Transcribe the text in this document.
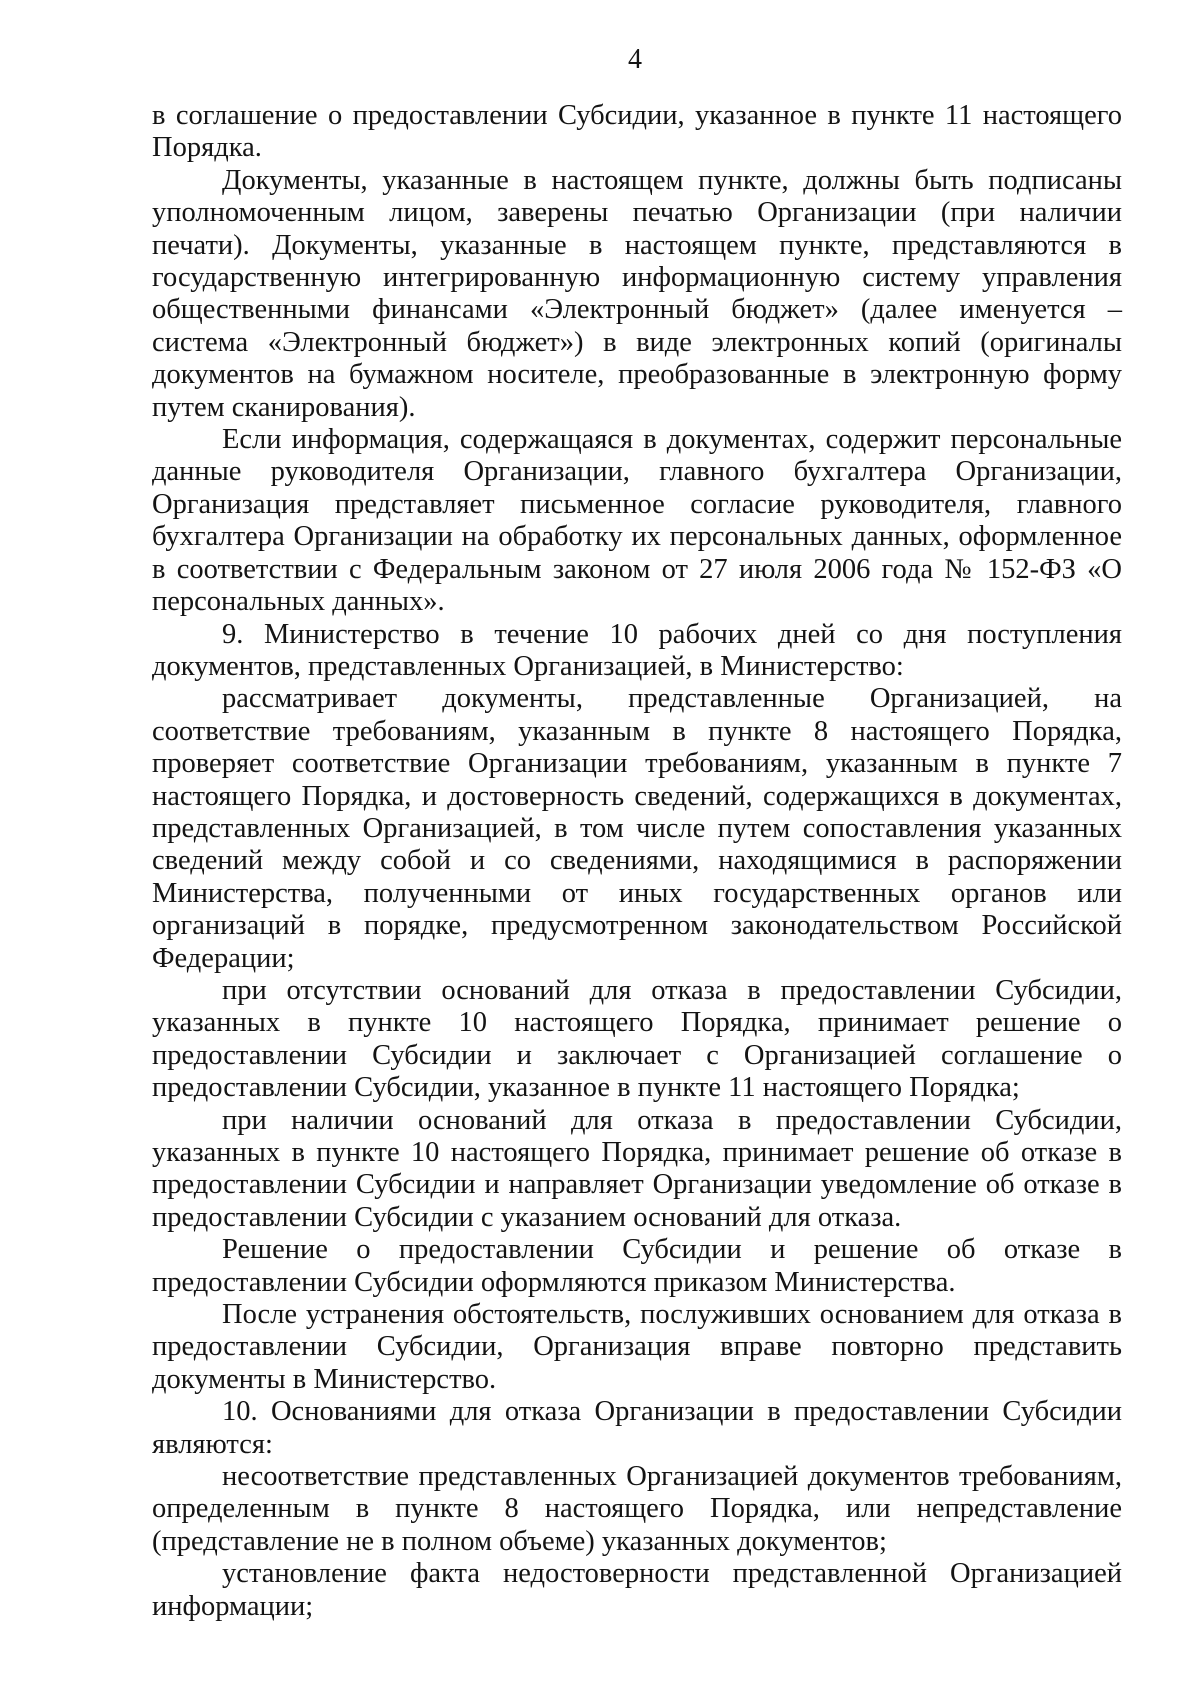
4

в соглашение о предоставлении Субсидии, указанное в пункте 11 настоящего Порядка.

Документы, указанные в настоящем пункте, должны быть подписаны уполномоченным лицом, заверены печатью Организации (при наличии печати). Документы, указанные в настоящем пункте, представляются в государственную интегрированную информационную систему управления общественными финансами «Электронный бюджет» (далее именуется – система «Электронный бюджет») в виде электронных копий (оригиналы документов на бумажном носителе, преобразованные в электронную форму путем сканирования).

Если информация, содержащаяся в документах, содержит персональные данные руководителя Организации, главного бухгалтера Организации, Организация представляет письменное согласие руководителя, главного бухгалтера Организации на обработку их персональных данных, оформленное в соответствии с Федеральным законом от 27 июля 2006 года № 152-ФЗ «О персональных данных».

9. Министерство в течение 10 рабочих дней со дня поступления документов, представленных Организацией, в Министерство:

рассматривает документы, представленные Организацией, на соответствие требованиям, указанным в пункте 8 настоящего Порядка, проверяет соответствие Организации требованиям, указанным в пункте 7 настоящего Порядка, и достоверность сведений, содержащихся в документах, представленных Организацией, в том числе путем сопоставления указанных сведений между собой и со сведениями, находящимися в распоряжении Министерства, полученными от иных государственных органов или организаций в порядке, предусмотренном законодательством Российской Федерации;

при отсутствии оснований для отказа в предоставлении Субсидии, указанных в пункте 10 настоящего Порядка, принимает решение о предоставлении Субсидии и заключает с Организацией соглашение о предоставлении Субсидии, указанное в пункте 11 настоящего Порядка;

при наличии оснований для отказа в предоставлении Субсидии, указанных в пункте 10 настоящего Порядка, принимает решение об отказе в предоставлении Субсидии и направляет Организации уведомление об отказе в предоставлении Субсидии с указанием оснований для отказа.

Решение о предоставлении Субсидии и решение об отказе в предоставлении Субсидии оформляются приказом Министерства.

После устранения обстоятельств, послуживших основанием для отказа в предоставлении Субсидии, Организация вправе повторно представить документы в Министерство.

10. Основаниями для отказа Организации в предоставлении Субсидии являются:

несоответствие представленных Организацией документов требованиям, определенным в пункте 8 настоящего Порядка, или непредставление (представление не в полном объеме) указанных документов;

установление факта недостоверности представленной Организацией информации;
